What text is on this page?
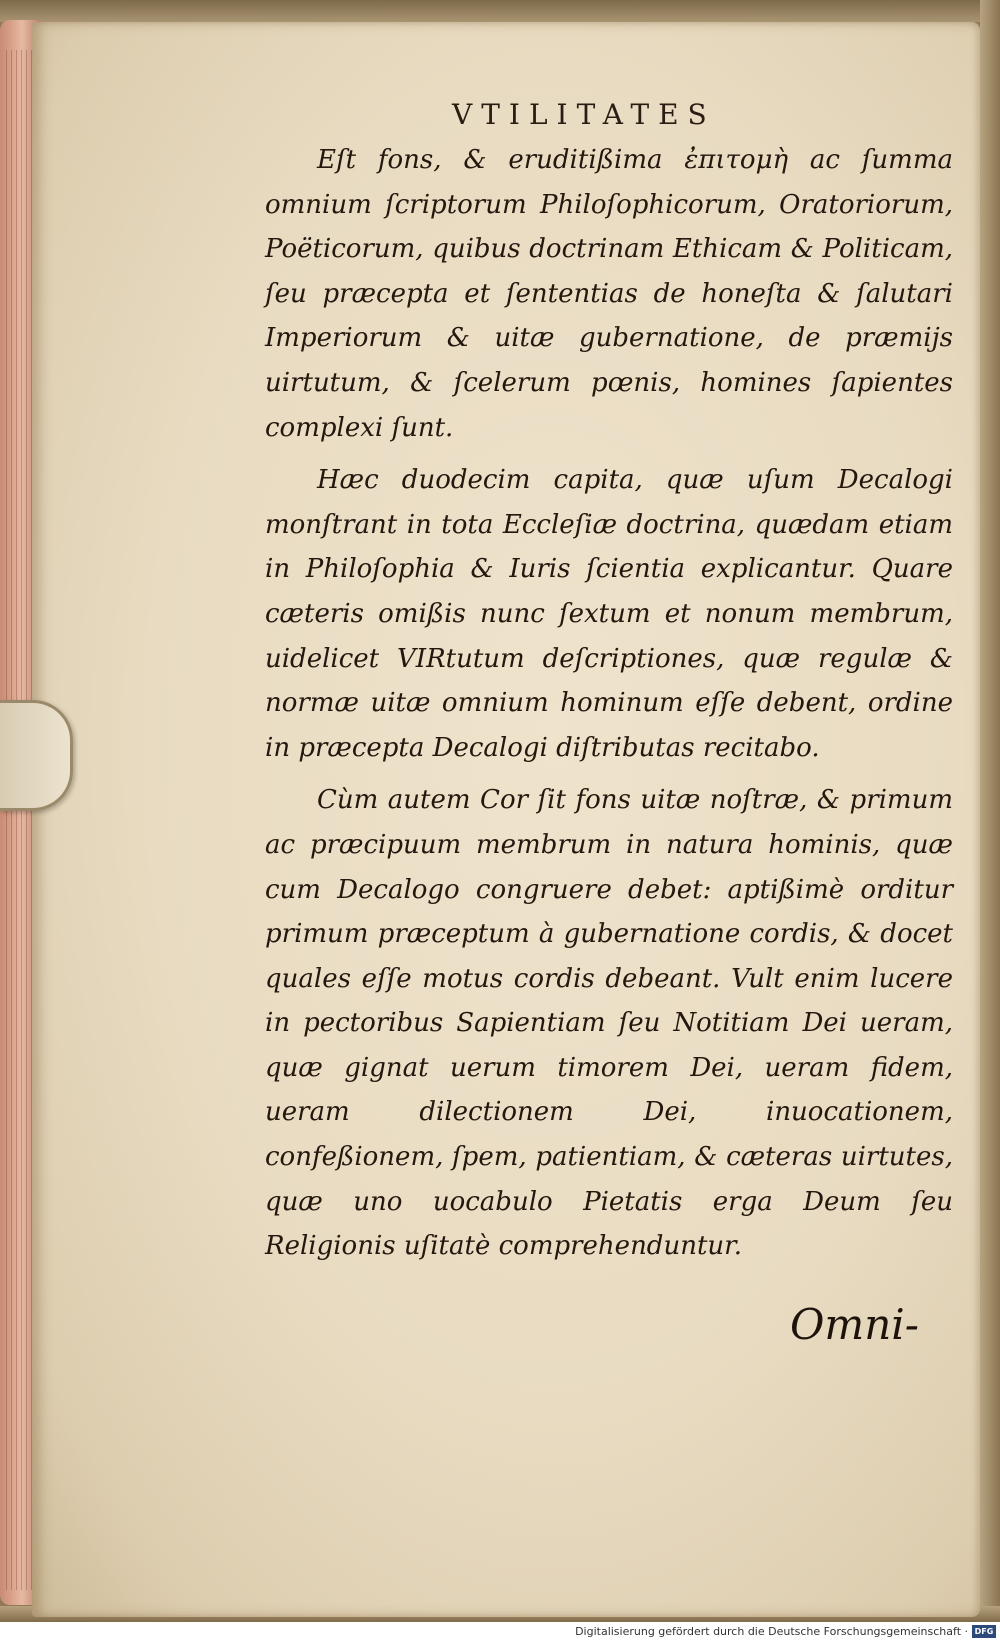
VTILITATES

Eſt fons, & eruditißima ἐπιτομὴ ac ſumma omnium ſcriptorum Philoſophicorum, Oratoriorum, Poëticorum, quibus doctrinam Ethicam & Politicam, ſeu præcepta et ſententias de honeſta & ſalutari Imperiorum & uitæ gubernatione, de præmijs uirtutum, & ſcelerum pœnis, homines ſapientes complexi ſunt.

Hæc duodecim capita, quæ uſum Decalogi monſtrant in tota Eccleſiæ doctrina, quædam etiam in Philoſophia & Iuris ſcientia explicantur. Quare cæteris omißis nunc ſextum et nonum membrum, uidelicet VIRtutum deſcriptiones, quæ regulæ & normæ uitæ omnium hominum eſſe debent, ordine in præcepta Decalogi diſtributas recitabo.

Cùm autem Cor ſit fons uitæ noſtræ, & primum ac præcipuum membrum in natura hominis, quæ cum Decalogo congruere debet: aptißimè orditur primum præceptum à gubernatione cordis, & docet quales eſſe motus cordis debeant. Vult enim lucere in pectoribus Sapientiam ſeu Notitiam Dei ueram, quæ gignat uerum timorem Dei, ueram fidem, ueram dilectionem Dei, inuocationem, confeßionem, ſpem, patientiam, & cæteras uirtutes, quæ uno uocabulo Pietatis erga Deum ſeu Religionis uſitatè comprehenduntur.

Omni-
Digitalisierung gefördert durch die Deutsche Forschungsgemeinschaft · DFG
